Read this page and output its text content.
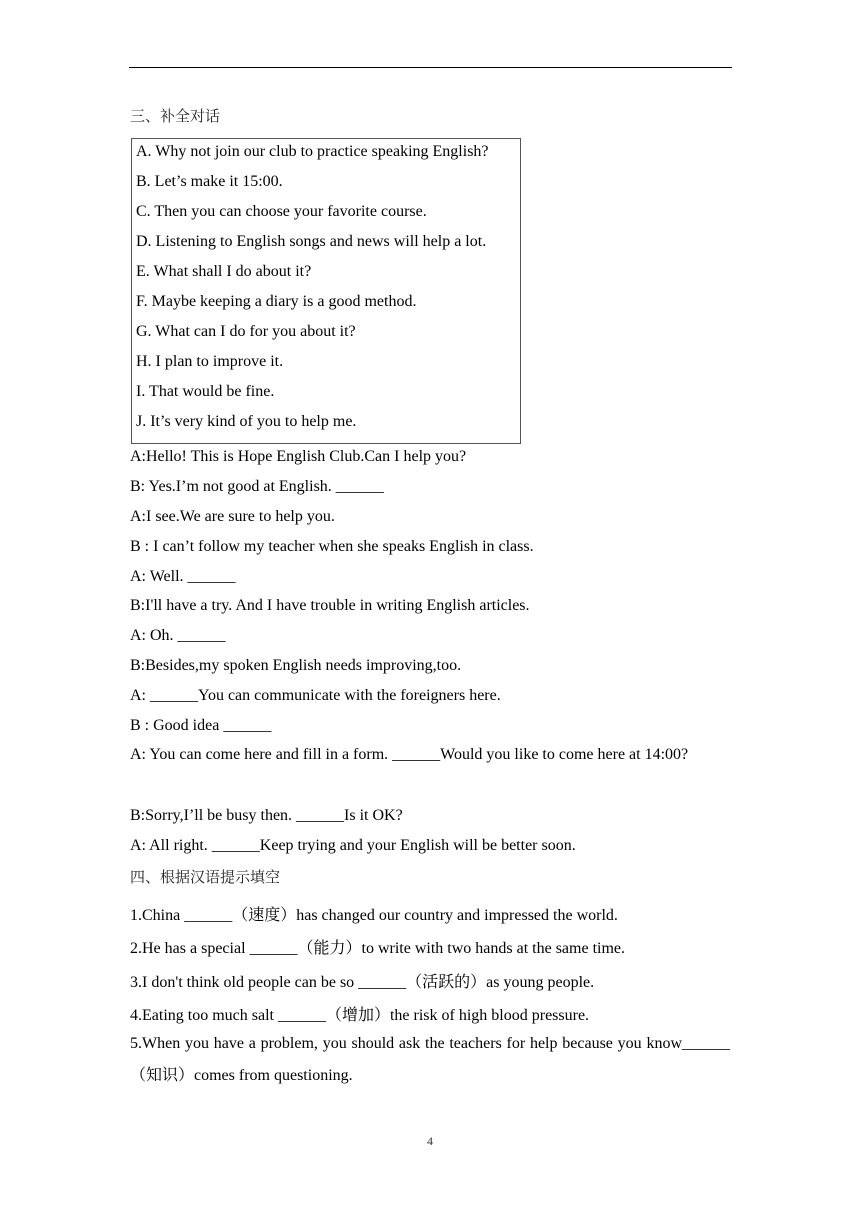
三、补全对话
A. Why not join our club to practice speaking English?
B. Let’s make it 15:00.
C. Then you can choose your favorite course.
D. Listening to English songs and news will help a lot.
E. What shall I do about it?
F. Maybe keeping a diary is a good method.
G. What can I do for you about it?
H. I plan to improve it.
I. That would be fine.
J. It’s very kind of you to help me.
A:Hello! This is Hope English Club.Can I help you?
B: Yes.I’m not good at English. ______
A:I see.We are sure to help you.
B : I can’t follow my teacher when she speaks English in class.
A: Well. ______
B:I'll have a try. And I have trouble in writing English articles.
A: Oh. ______
B:Besides,my spoken English needs improving,too.
A: ______You can communicate with the foreigners here.
B : Good idea ______
A: You can come here and fill in a form. ______Would you like to come here at 14:00?
B:Sorry,I’ll be busy then. ______Is it OK?
A: All right. ______Keep trying and your English will be better soon.
四、根据汉语提示填空
1.China ______（速度）has changed our country and impressed the world.
2.He has a special ______（能力）to write with two hands at the same time.
3.I don't think old people can be so ______（活跃的）as young people.
4.Eating too much salt ______（增加）the risk of high blood pressure.
5.When you have a problem, you should ask the teachers for help because you know______（知识）comes from questioning.
4
